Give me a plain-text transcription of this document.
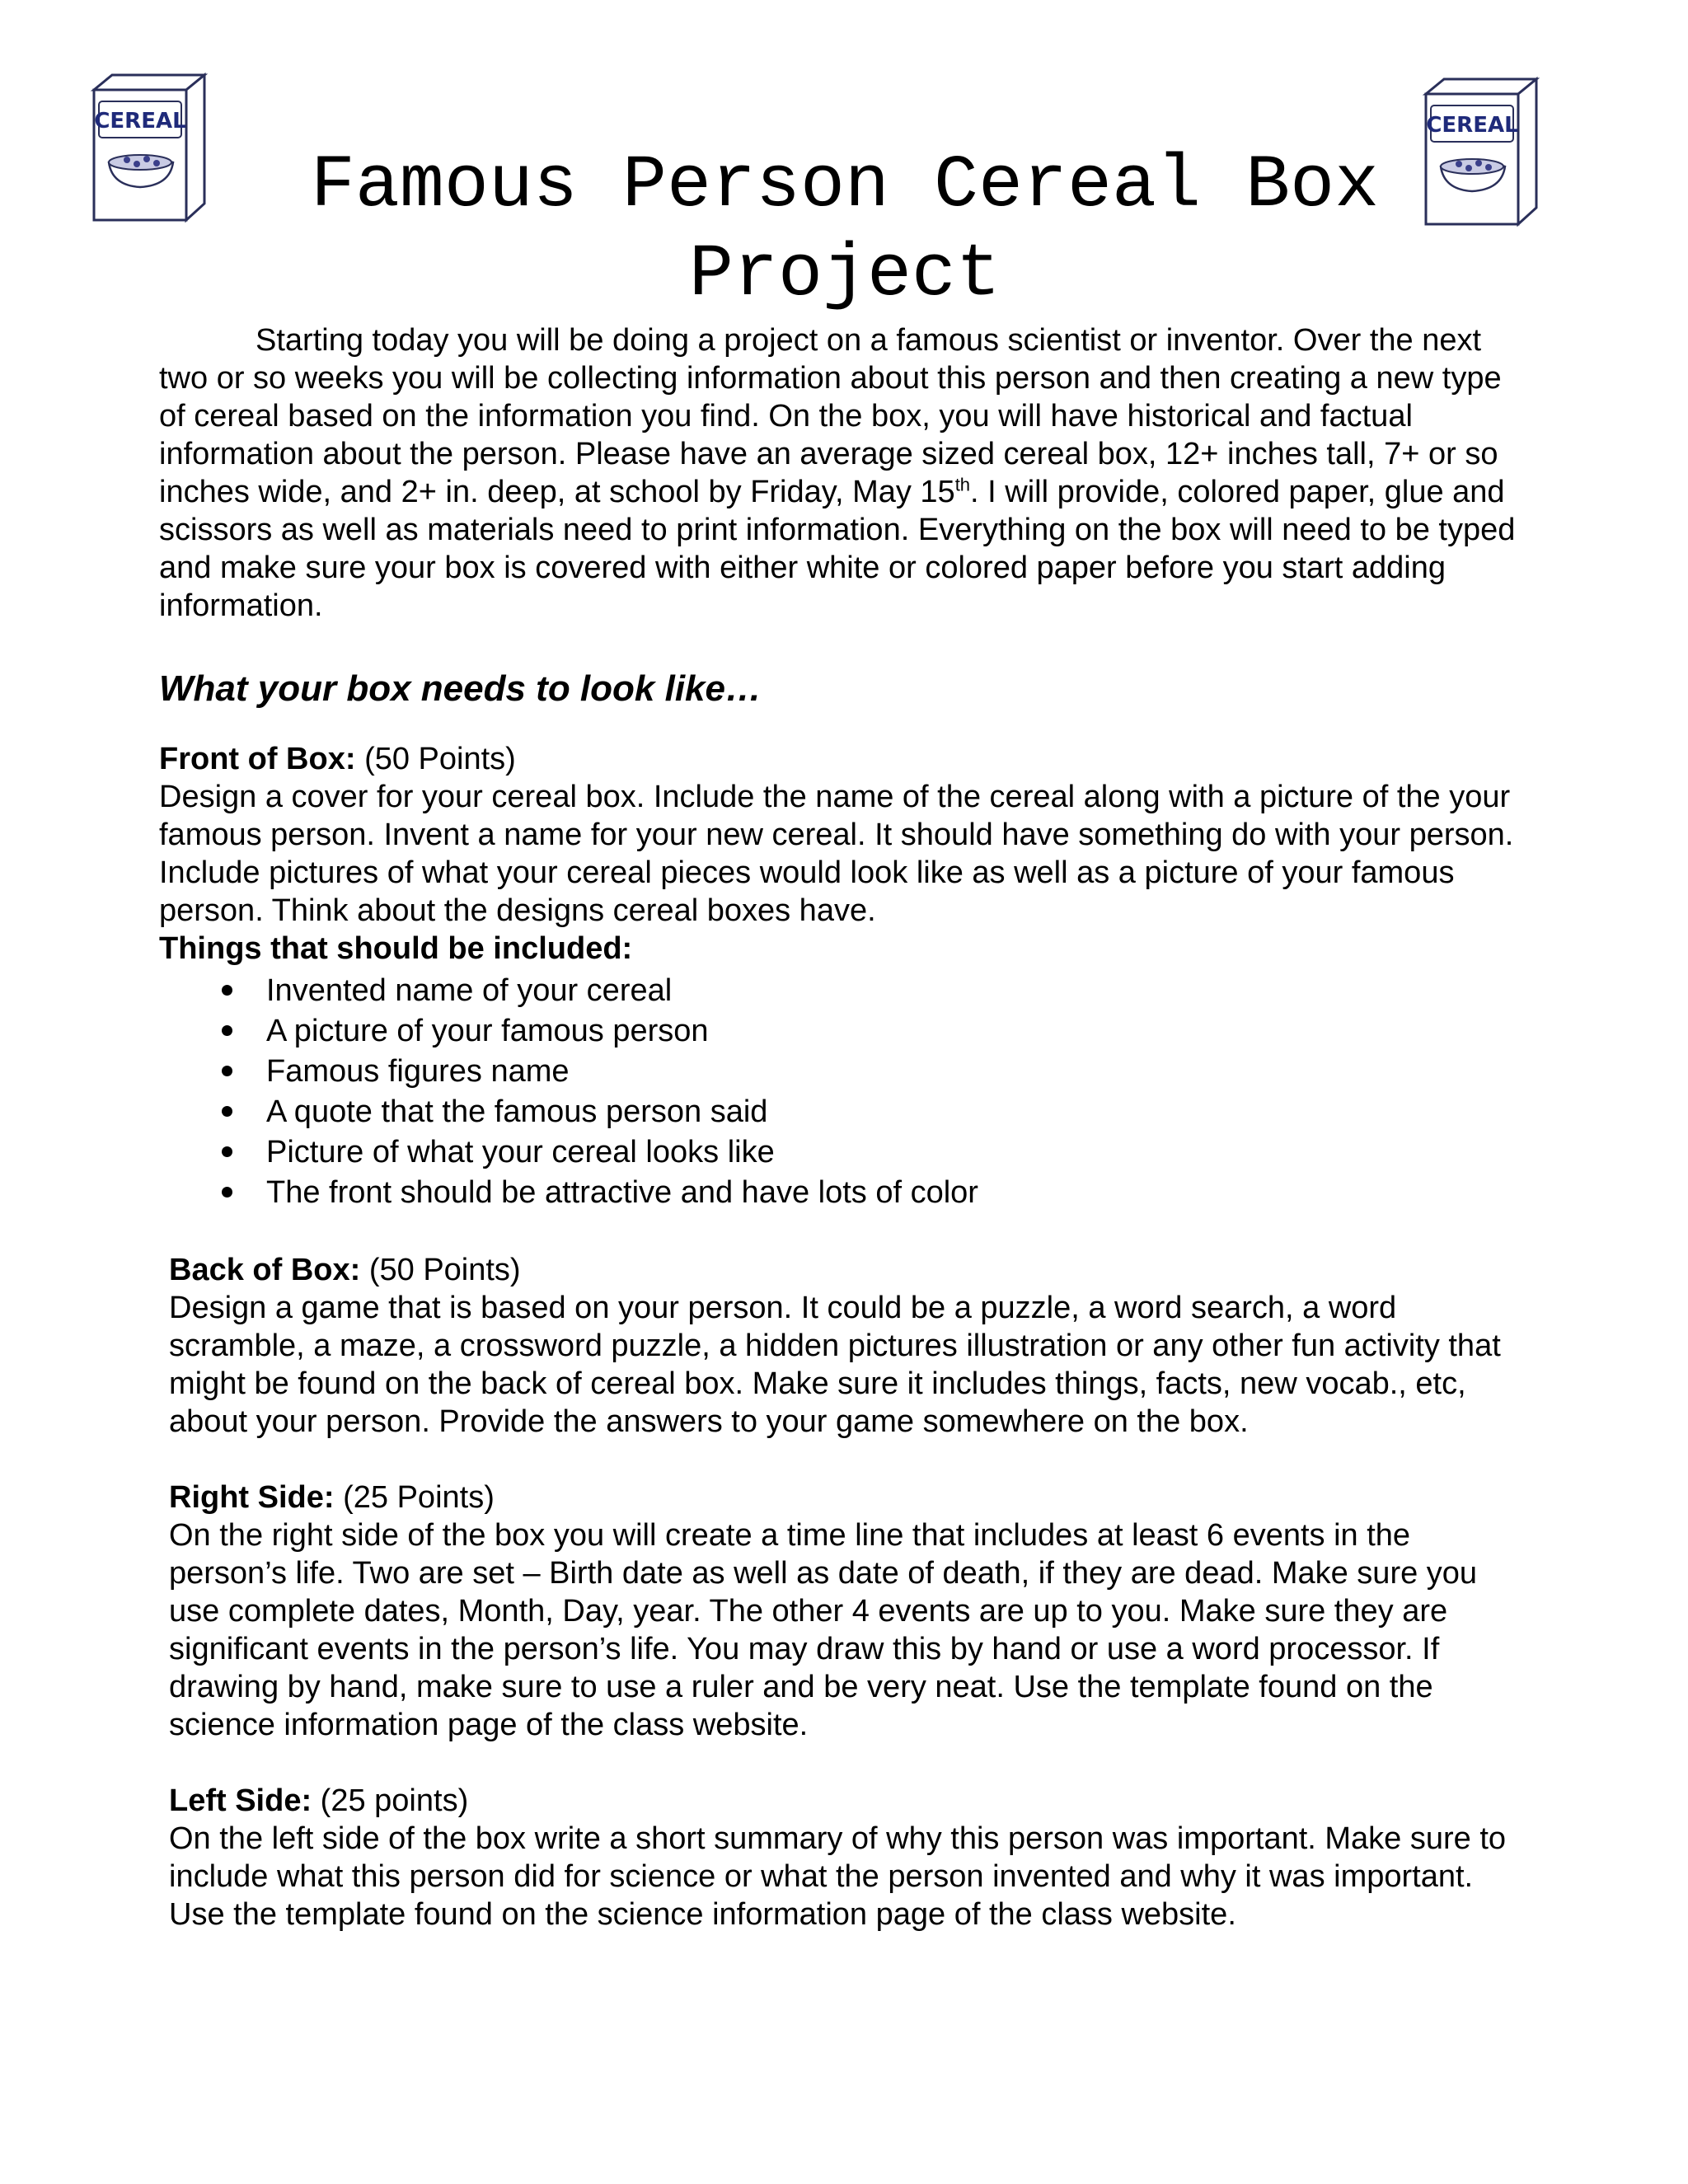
CEREAL	CEREAL
Famous Person Cereal Box
Project

Starting today you will be doing a project on a famous scientist or inventor. Over the next two or so weeks you will be collecting information about this person and then creating a new type of cereal based on the information you find. On the box, you will have historical and factual information about the person. Please have an average sized cereal box, 12+ inches tall, 7+ or so inches wide, and 2+ in. deep, at school by Friday, May 15th. I will provide, colored paper, glue and scissors as well as materials need to print information. Everything on the box will need to be typed and make sure your box is covered with either white or colored paper before you start adding information.

What your box needs to look like…

Front of Box: (50 Points)

Design a cover for your cereal box. Include the name of the cereal along with a picture of the your famous person. Invent a name for your new cereal. It should have something do with your person. Include pictures of what your cereal pieces would look like as well as a picture of your famous person. Think about the designs cereal boxes have.

Things that should be included:

Invented name of your cereal
A picture of your famous person
Famous figures name
A quote that the famous person said
Picture of what your cereal looks like
The front should be attractive and have lots of color

Back of Box: (50 Points)

Design a game that is based on your person. It could be a puzzle, a word search, a word scramble, a maze, a crossword puzzle, a hidden pictures illustration or any other fun activity that might be found on the back of cereal box. Make sure it includes things, facts, new vocab., etc, about your person. Provide the answers to your game somewhere on the box.

Right Side: (25 Points)

On the right side of the box you will create a time line that includes at least 6 events in the person’s life. Two are set – Birth date as well as date of death, if they are dead. Make sure you use complete dates, Month, Day, year. The other 4 events are up to you. Make sure they are significant events in the person’s life. You may draw this by hand or use a word processor. If drawing by hand, make sure to use a ruler and be very neat. Use the template found on the science information page of the class website.

Left Side: (25 points)

On the left side of the box write a short summary of why this person was important. Make sure to include what this person did for science or what the person invented and why it was important. Use the template found on the science information page of the class website.
